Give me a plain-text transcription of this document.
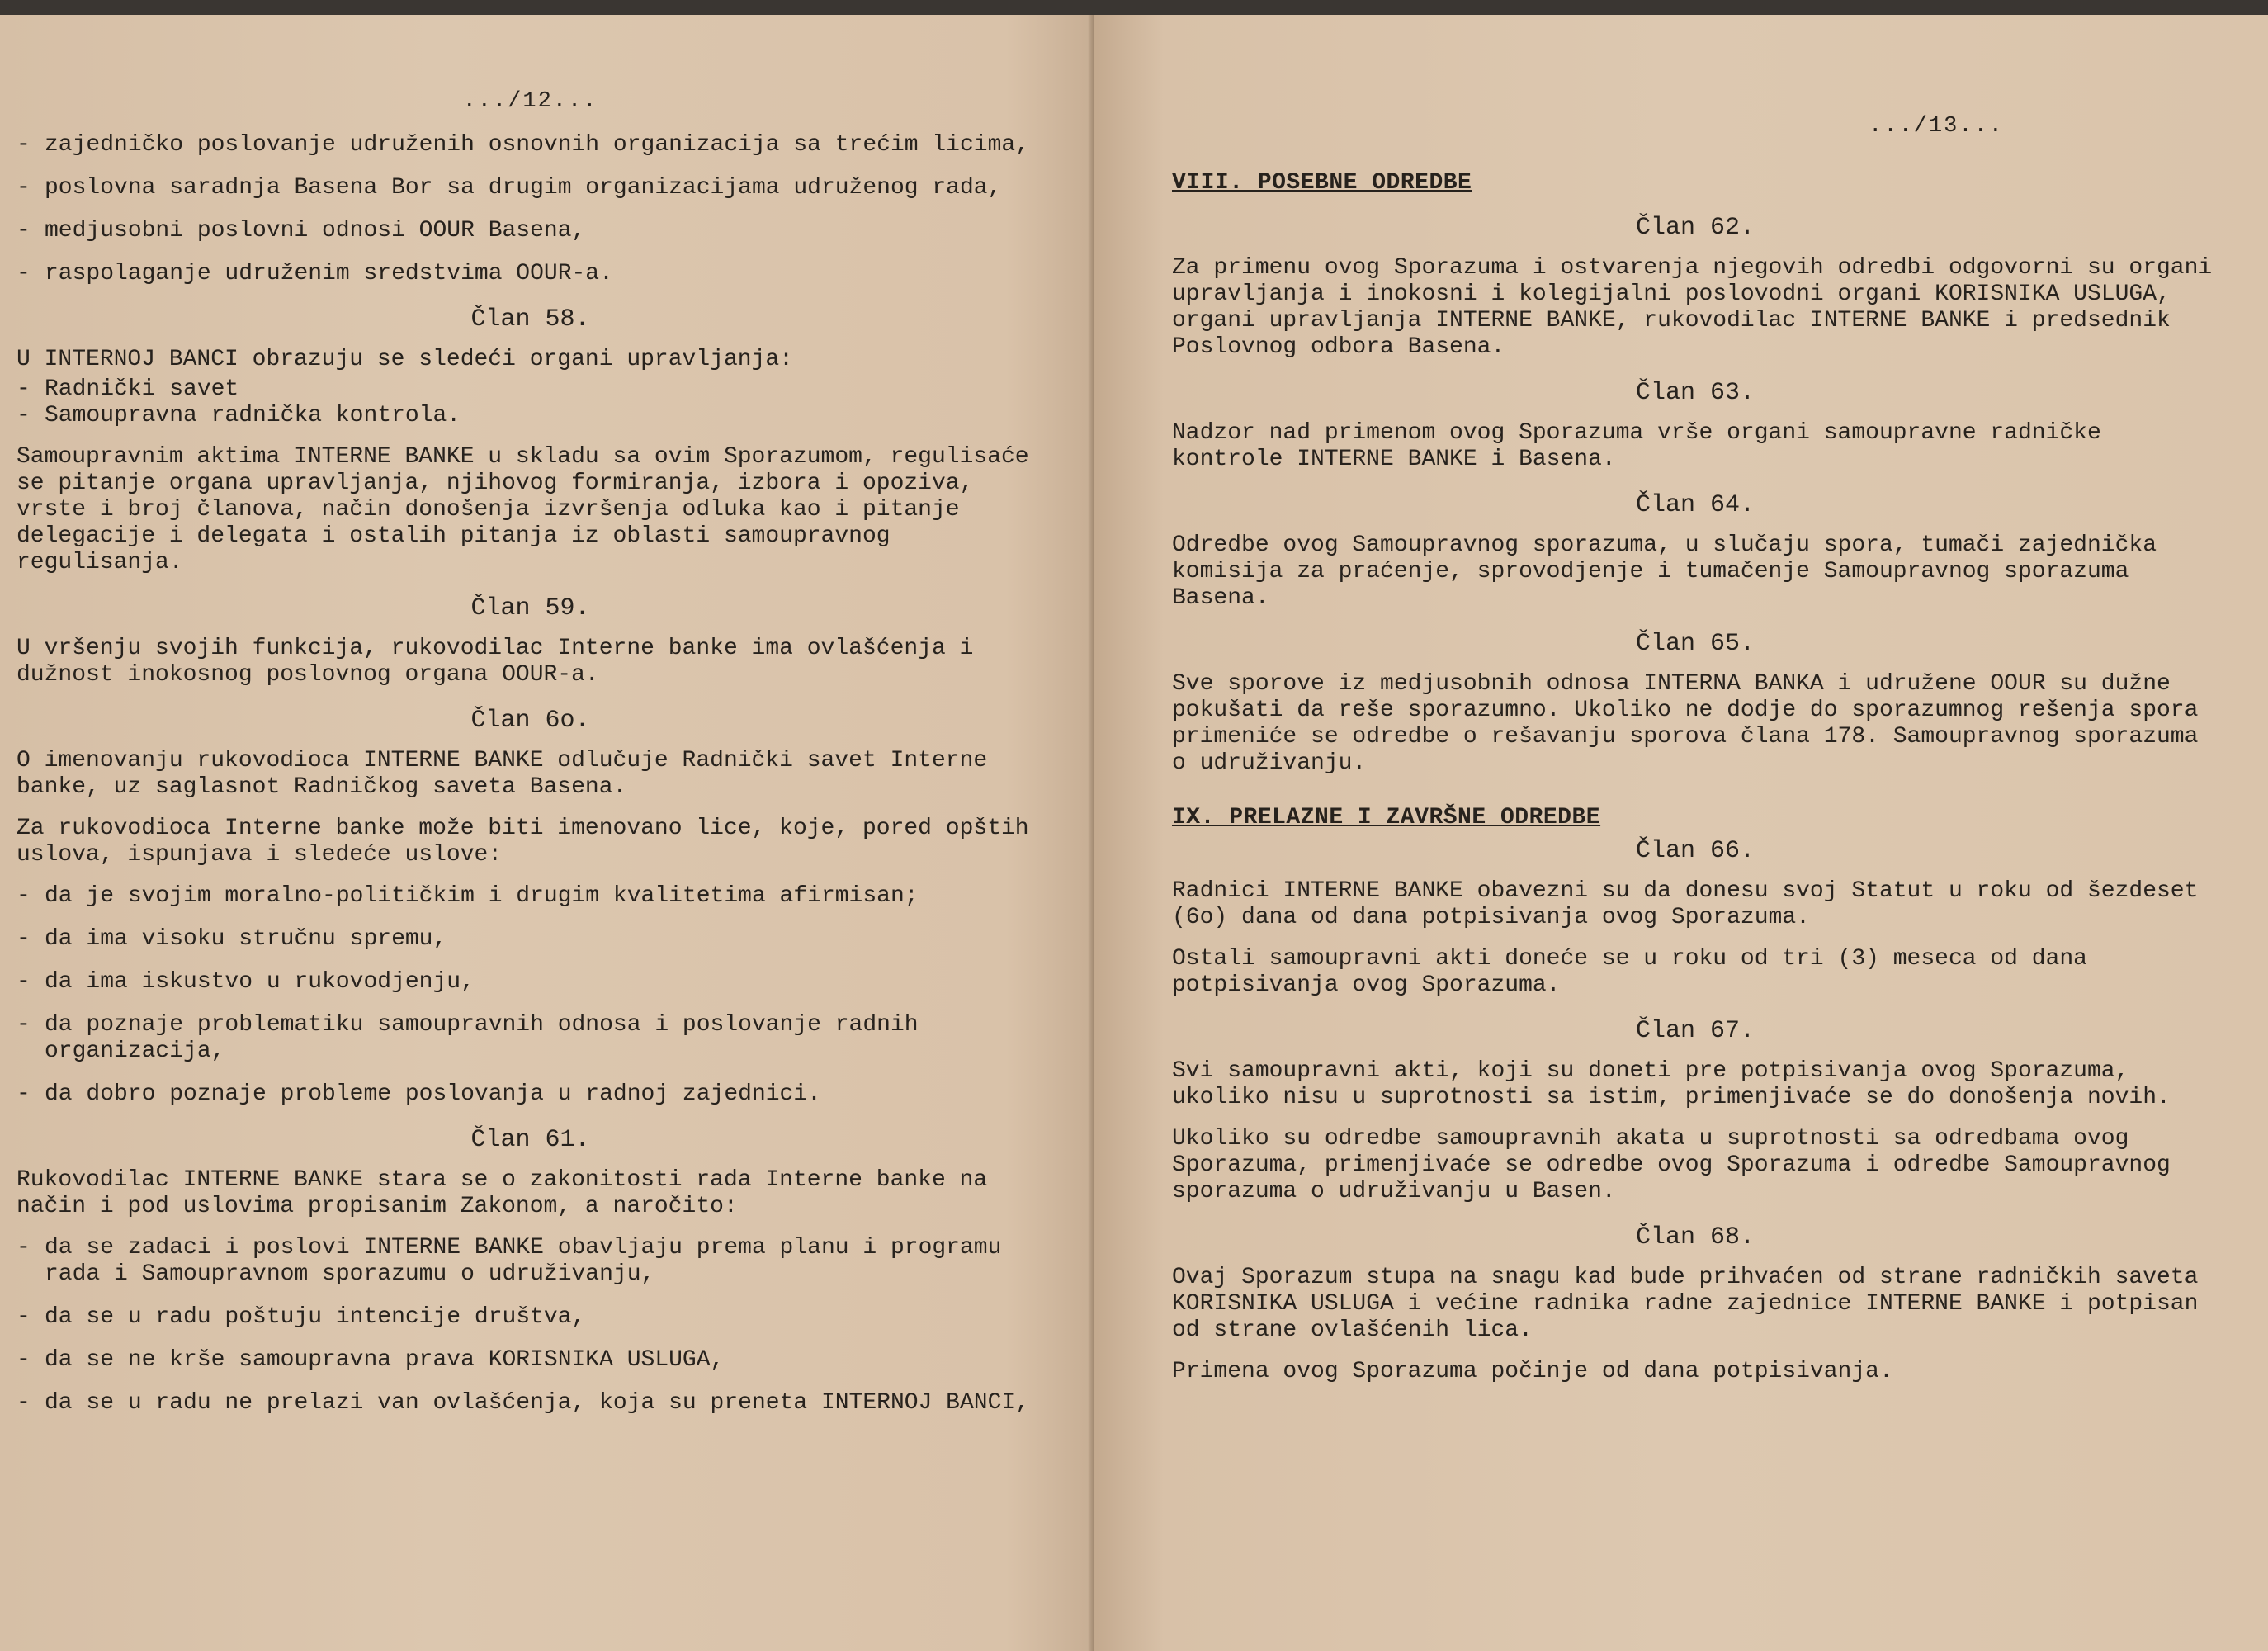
.../12...
- zajedničko poslovanje udruženih osnovnih organizacija sa trećim licima,
- poslovna saradnja Basena Bor sa drugim organizacijama udruženog rada,
- medjusobni poslovni odnosi OOUR Basena,
- raspolaganje udruženim sredstvima OOUR-a.
Član 58.
U INTERNOJ BANCI obrazuju se sledeći organi upravljanja:
- Radnički savet
- Samoupravna radnička kontrola.
Samoupravnim aktima INTERNE BANKE u skladu sa ovim Sporazumom, regulisaće se pitanje organa upravljanja, njihovog formiranja, izbora i opoziva, vrste i broj članova, način donošenja izvršenja odluka kao i pitanje delegacije i delegata i ostalih pitanja iz oblasti samoupravnog regulisanja.
Član 59.
U vršenju svojih funkcija, rukovodilac Interne banke ima ovlašćenja i dužnost inokosnog poslovnog organa OOUR-a.
Član 6o.
O imenovanju rukovodioca INTERNE BANKE odlučuje Radnički savet Interne banke, uz saglasnot Radničkog saveta Basena.
Za rukovodioca Interne banke može biti imenovano lice, koje, pored opštih uslova, ispunjava i sledeće uslove:
- da je svojim moralno-političkim i drugim kvalitetima afirmisan;
- da ima visoku stručnu spremu,
- da ima iskustvo u rukovodjenju,
- da poznaje problematiku samoupravnih odnosa i poslovanje radnih organizacija,
- da dobro poznaje probleme poslovanja u radnoj zajednici.
Član 61.
Rukovodilac INTERNE BANKE stara se o zakonitosti rada Interne banke na način i pod uslovima propisanim Zakonom, a naročito:
- da se zadaci i poslovi INTERNE BANKE obavljaju prema planu i programu rada i Samoupravnom sporazumu o udruživanju,
- da se u radu poštuju intencije društva,
- da se ne krše samoupravna prava KORISNIKA USLUGA,
- da se u radu ne prelazi van ovlašćenja, koja su preneta INTERNOJ BANCI,
.../13...
VIII. POSEBNE ODREDBE
Član 62.
Za primenu ovog Sporazuma i ostvarenja njegovih odredbi odgovorni su organi upravljanja i inokosni i kolegijalni poslovodni organi KORISNIKA USLUGA, organi upravljanja INTERNE BANKE, rukovodilac INTERNE BANKE i predsednik Poslovnog odbora Basena.
Član 63.
Nadzor nad primenom ovog Sporazuma vrše organi samoupravne radničke kontrole INTERNE BANKE i Basena.
Član 64.
Odredbe ovog Samoupravnog sporazuma, u slučaju spora, tumači zajednička komisija za praćenje, sprovodjenje i tumačenje Samoupravnog sporazuma Basena.
Član 65.
Sve sporove iz medjusobnih odnosa INTERNA BANKA i udružene OOUR su dužne pokušati da reše sporazumno. Ukoliko ne dodje do sporazumnog rešenja spora primeniće se odredbe o rešavanju sporova člana 178. Samoupravnog sporazuma o udruživanju.
IX. PRELAZNE I ZAVRŠNE ODREDBE
Član 66.
Radnici INTERNE BANKE obavezni su da donesu svoj Statut u roku od šezdeset (6o) dana od dana potpisivanja ovog Sporazuma.
Ostali samoupravni akti doneće se u roku od tri (3) meseca od dana potpisivanja ovog Sporazuma.
Član 67.
Svi samoupravni akti, koji su doneti pre potpisivanja ovog Sporazuma, ukoliko nisu u suprotnosti sa istim, primenjivaće se do donošenja novih.
Ukoliko su odredbe samoupravnih akata u suprotnosti sa odredbama ovog Sporazuma, primenjivaće se odredbe ovog Sporazuma i odredbe Samoupravnog sporazuma o udruživanju u Basen.
Član 68.
Ovaj Sporazum stupa na snagu kad bude prihvaćen od strane radničkih saveta KORISNIKA USLUGA i većine radnika radne zajednice INTERNE BANKE i potpisan od strane ovlašćenih lica.
Primena ovog Sporazuma počinje od dana potpisivanja.
